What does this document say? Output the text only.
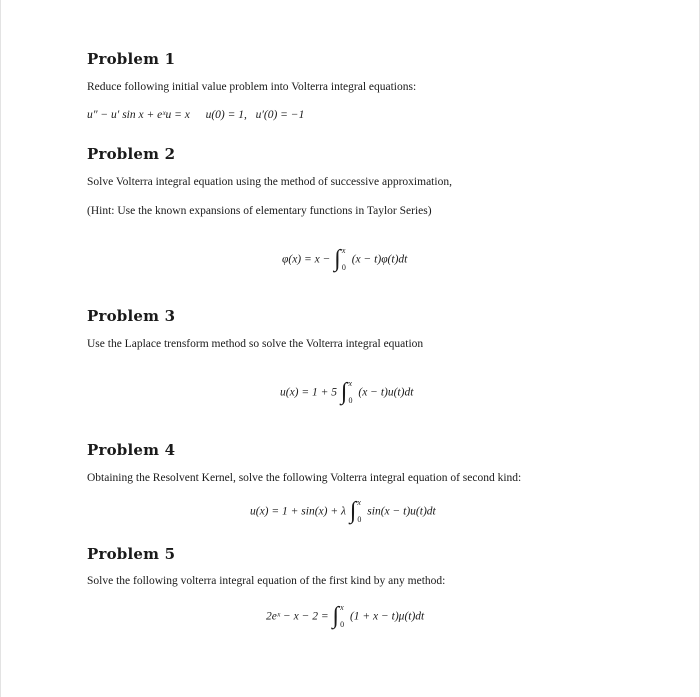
Problem 1
Reduce following initial value problem into Volterra integral equations:
u″ − u′ sin x + eˣu = x u(0) = 1, u′(0) = −1
Problem 2
Solve Volterra integral equation using the method of successive approximation,
(Hint: Use the known expansions of elementary functions in Taylor Series)
φ(x) = x − ∫ x
0
(x − t)φ(t)dt
Problem 3
Use the Laplace trensform method so solve the Volterra integral equation
u(x) = 1 + 5 ∫ x
0
(x − t)u(t)dt
Problem 4
Obtaining the Resolvent Kernel, solve the following Volterra integral equation of second kind:
u(x) = 1 + sin(x) + λ ∫ x
0
sin(x − t)u(t)dt
Problem 5
Solve the following volterra integral equation of the first kind by any method:
2eˣ − x − 2 = ∫ x
0
(1 + x − t)μ(t)dt
